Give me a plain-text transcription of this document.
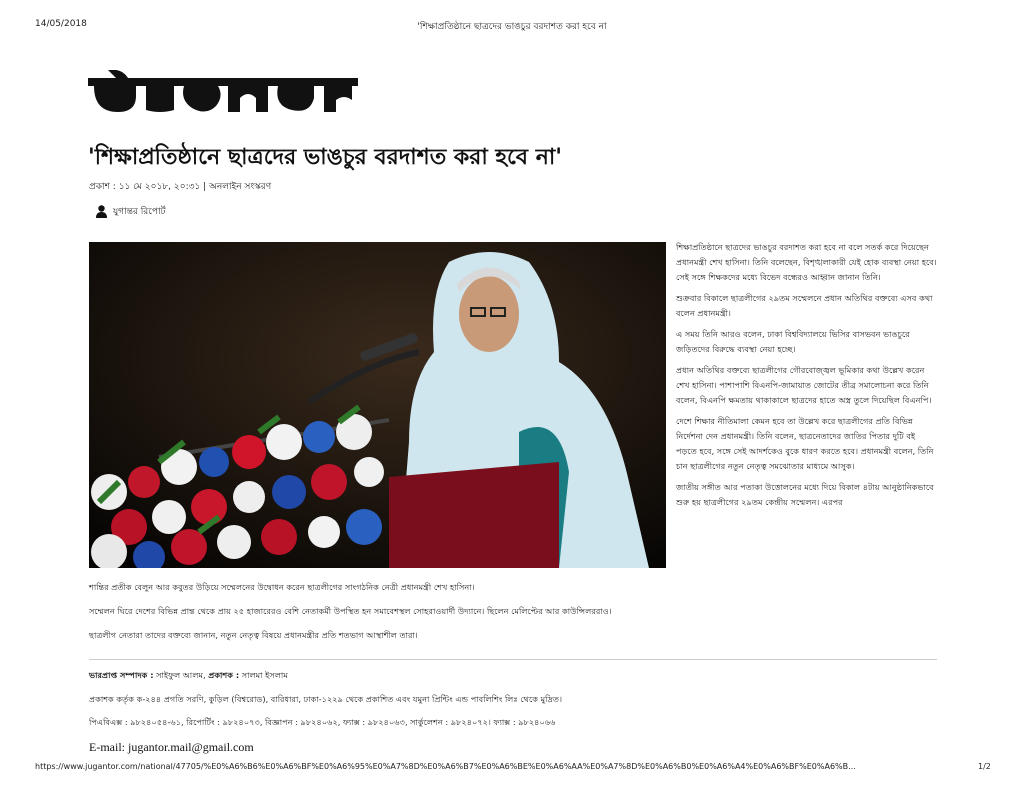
14/05/2018	'শিক্ষাপ্রতিষ্ঠানে ছাত্রদের ভাঙচুর বরদাশত করা হবে না
'শিক্ষাপ্রতিষ্ঠানে ছাত্রদের ভাঙচুর বরদাশত করা হবে না'
প্রকাশ : ১১ মে ২০১৮, ২০:৩১ | অনলাইন সংস্করণ
যুগান্তর রিপোর্ট

শিক্ষাপ্রতিষ্ঠানে ছাত্রদের ভাঙচুর বরদাশত করা হবে না বলে সতর্ক করে দিয়েছেন প্রধানমন্ত্রী শেখ হাসিনা। তিনি বলেছেন, বিশৃঙ্খলাকারী যেই হোক ব্যবস্থা নেয়া হবে। সেই সঙ্গে শিক্ষকদের মধ্যে বিভেদ বন্ধেরও আহ্বান জানান তিনি।

শুক্রবার বিকালে ছাত্রলীগের ২৯তম সম্মেলনে প্রধান অতিথির বক্তব্যে এসব কথা বলেন প্রধানমন্ত্রী।

এ সময় তিনি আরও বলেন, ঢাকা বিশ্ববিদ্যালয়ে ভিসির বাসভবন ভাঙচুরে জড়িতদের বিরুদ্ধে ব্যবস্থা নেয়া হচ্ছে।

প্রধান অতিথির বক্তব্যে ছাত্রলীগের গৌরবোজ্জ্বল ভূমিকার কথা উল্লেখ করেন শেখ হাসিনা। পাশাপাশি বিএনপি-জামায়াত জোটের তীব্র সমালোচনা করে তিনি বলেন, বিএনপি ক্ষমতায় থাকাকালে ছাত্রদের হাতে অস্ত্র তুলে দিয়েছিল বিএনপি।

দেশে শিক্ষার নীতিমালা কেমন হবে তা উল্লেখ করে ছাত্রলীগের প্রতি বিভিন্ন নির্দেশনা দেন প্রধানমন্ত্রী। তিনি বলেন, ছাত্রনেতাদের জাতির পিতার দুটি বই পড়তে হবে, সঙ্গে সেই আদর্শকেও বুকে ধারণ করতে হবে। প্রধানমন্ত্রী বলেন, তিনি চান ছাত্রলীগের নতুন নেতৃত্ব সমঝোতার মাধ্যমে আসুক।

জাতীয় সঙ্গীত আর পতাকা উত্তোলনের মধ্যে দিয়ে বিকাল ৪টায় আনুষ্ঠানিকভাবে শুরু হয় ছাত্রলীগের ২৯তম কেন্দ্রীয় সম্মেলন। এরপর

শান্তির প্রতীক বেলুন আর কবুতর উড়িয়ে সম্মেলনের উদ্বোধন করেন ছাত্রলীগের সাংগঠনিক নেত্রী প্রধানমন্ত্রী শেখ হাসিনা।
সম্মেলন ঘিরে দেশের বিভিন্ন প্রান্ত থেকে প্রায় ২৫ হাজারেরও বেশি নেতাকর্মী উপস্থিত হন সমাবেশস্থল সোহরাওয়ার্দী উদ্যানে। ছিলেন মেলিপ্টের আর কাউন্সিলররাও।
ছাত্রলীগ নেতারা তাদের বক্তব্যে জানান, নতুন নেতৃত্ব বিষয়ে প্রধানমন্ত্রীর প্রতি শতভাগ আস্থাশীল তারা।
ভারপ্রাপ্ত সম্পাদক : সাইফুল আলম, প্রকাশক : সালমা ইসলাম
প্রকাশক কর্তৃক ক-২৪৪ প্রগতি সরণি, কুড়িল (বিশ্বরোড), বারিধারা, ঢাকা-১২২৯ থেকে প্রকাশিত এবং যমুনা প্রিন্টিং এন্ড পাবলিশিং লিঃ থেকে মুদ্রিত।
পিএবিএক্স : ৯৮২৪০৫৪-৬১, রিপোর্টিং : ৯৮২৪০৭৩, বিজ্ঞাপন : ৯৮২৪০৬২, ফ্যাক্স : ৯৮২৪০৬৩, সার্কুলেশন : ৯৮২৪০৭২। ফ্যাক্স : ৯৮২৪০৬৬
E-mail: jugantor.mail@gmail.com
https://www.jugantor.com/national/47705/%E0%A6%B6%E0%A6%BF%E0%A6%95%E0%A7%8D%E0%A6%B7%E0%A6%BE%E0%A6%AA%E0%A7%8D%E0%A6%B0%E0%A6%A4%E0%A6%BF%E0%A6%B...	1/2
